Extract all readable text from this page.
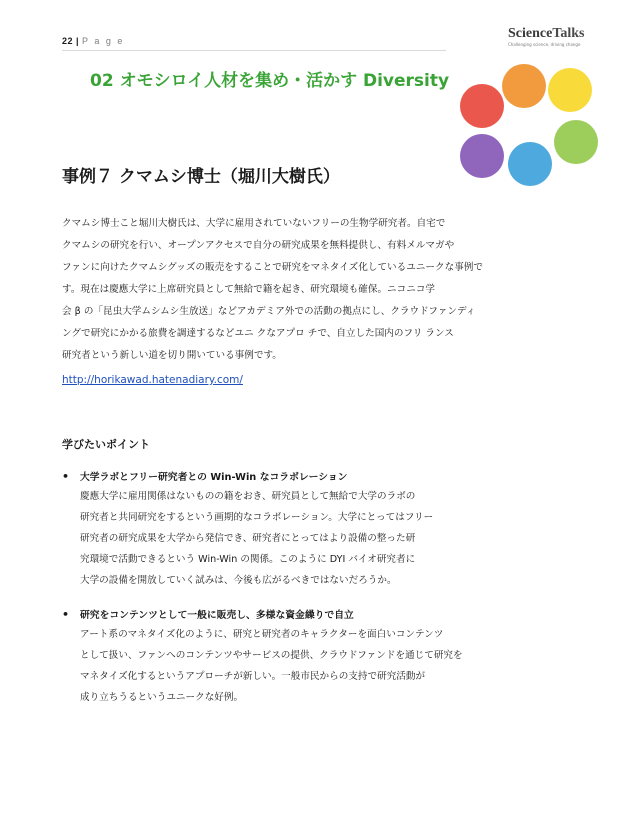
22 | P a g e	ScienceTalks
Challenging science, driving change
02 オモシロイ人材を集め・活かす Diversity
事例７ クマムシ博士（堀川大樹氏）

クマムシ博士こと堀川大樹氏は、大学に雇用されていないフリーの生物学研究者。自宅で
クマムシの研究を行い、オープンアクセスで自分の研究成果を無料提供し、有料メルマガや
ファンに向けたクマムシグッズの販売をすることで研究をマネタイズ化しているユニークな事例で
す。現在は慶應大学に上席研究員として無給で籍を起き、研究環境も確保。ニコニコ学
会 β の「昆虫大学ムシムシ生放送」などアカデミア外での活動の拠点にし、クラウドファンディ
ングで研究にかかる旅費を調達するなどユニ クなアプロ チで、自立した国内のフリ ランス
研究者という新しい道を切り開いている事例です。

http://horikawad.hatenadiary.com/
学びたいポイント
•	大学ラボとフリー研究者との Win-Win なコラボレーション
慶應大学に雇用関係はないものの籍をおき、研究員として無給で大学のラボの
研究者と共同研究をするという画期的なコラボレーション。大学にとってはフリー
研究者の研究成果を大学から発信でき、研究者にとってはより設備の整った研
究環境で活動できるという Win-Win の関係。このように DYI バイオ研究者に
大学の設備を開放していく試みは、今後も広がるべきではないだろうか。
•	研究をコンテンツとして一般に販売し、多様な資金繰りで自立
アート系のマネタイズ化のように、研究と研究者のキャラクターを面白いコンテンツ
として扱い、ファンへのコンテンツやサービスの提供、クラウドファンドを通じて研究を
マネタイズ化するというアプローチが新しい。一般市民からの支持で研究活動が
成り立ちうるというユニークな好例。
